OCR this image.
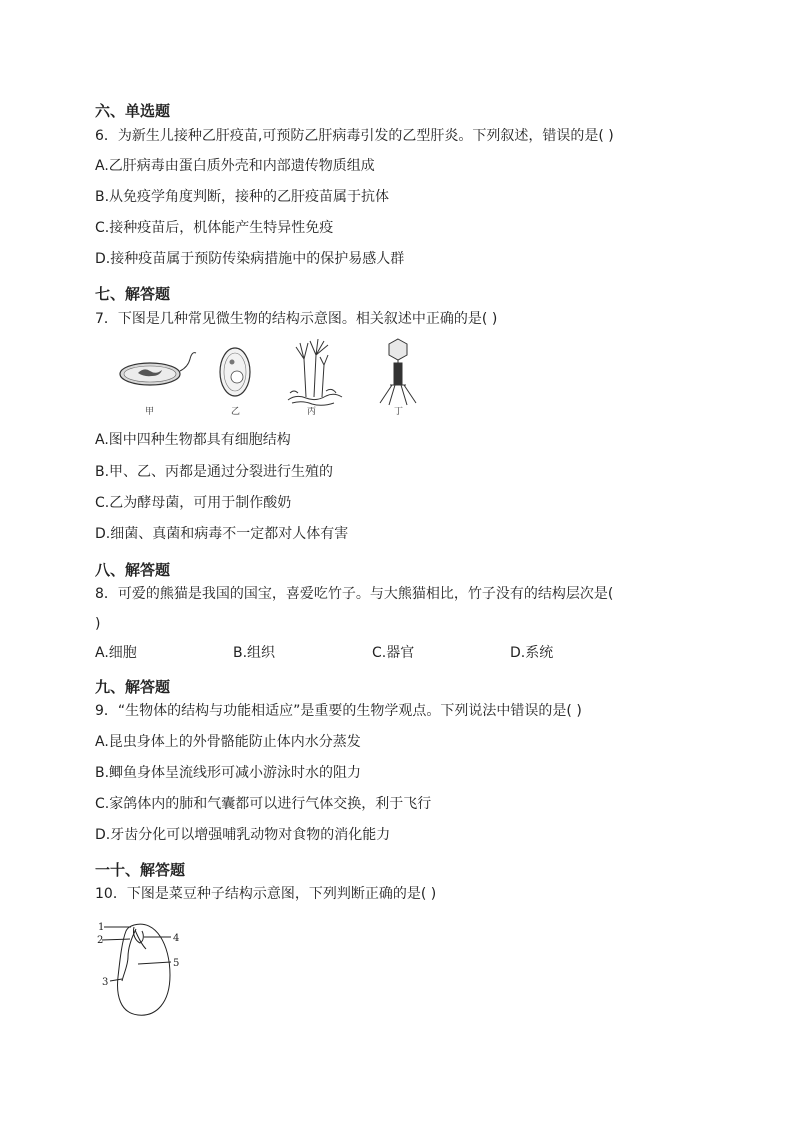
六、单选题
6．为新生儿接种乙肝疫苗,可预防乙肝病毒引发的乙型肝炎。下列叙述，错误的是( )
A.乙肝病毒由蛋白质外壳和内部遗传物质组成
B.从免疫学角度判断，接种的乙肝疫苗属于抗体
C.接种疫苗后，机体能产生特异性免疫
D.接种疫苗属于预防传染病措施中的保护易感人群
七、解答题
7．下图是几种常见微生物的结构示意图。相关叙述中正确的是( )
甲	乙	丙	丁
A.图中四种生物都具有细胞结构
B.甲、乙、丙都是通过分裂进行生殖的
C.乙为酵母菌，可用于制作酸奶
D.细菌、真菌和病毒不一定都对人体有害
八、解答题
8．可爱的熊猫是我国的国宝，喜爱吃竹子。与大熊猫相比，竹子没有的结构层次是(
)
A.细胞	B.组织	C.器官	D.系统
九、解答题
9．“生物体的结构与功能相适应”是重要的生物学观点。下列说法中错误的是( )
A.昆虫身体上的外骨骼能防止体内水分蒸发
B.鲫鱼身体呈流线形可减小游泳时水的阻力
C.家鸽体内的肺和气囊都可以进行气体交换，利于飞行
D.牙齿分化可以增强哺乳动物对食物的消化能力
一十、解答题
10．下图是菜豆种子结构示意图，下列判断正确的是( )
1
2
3
4
5
